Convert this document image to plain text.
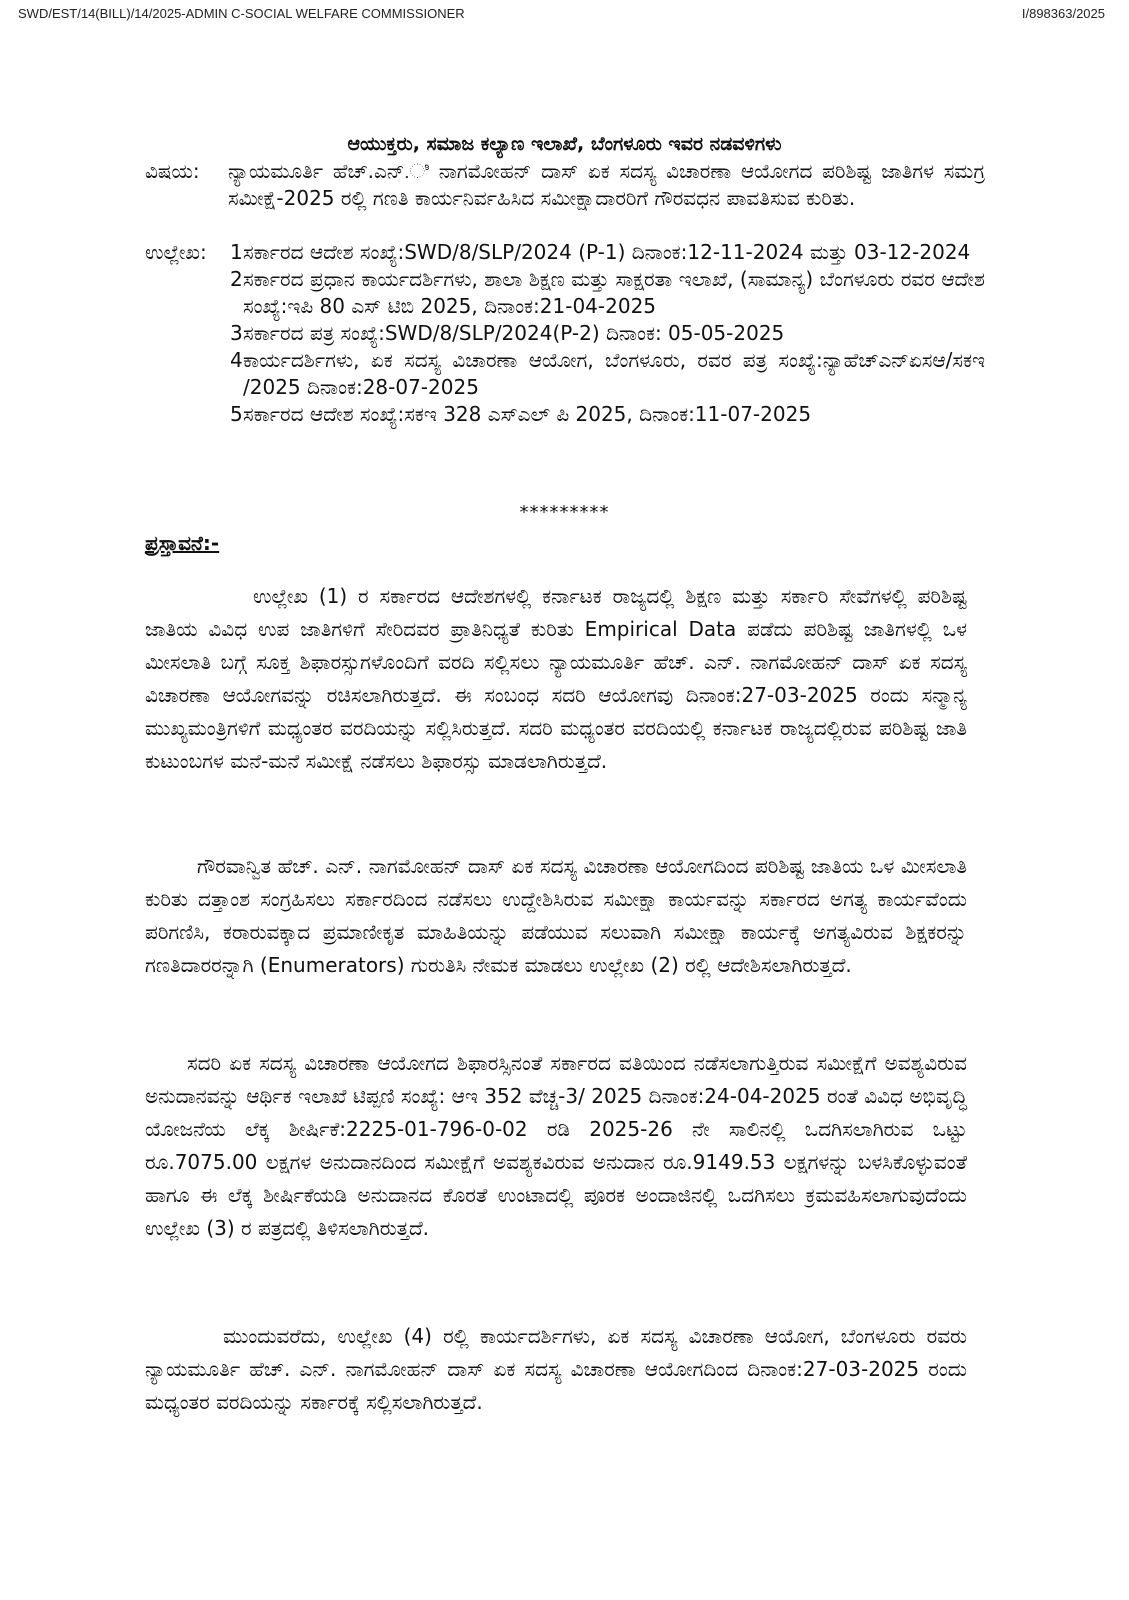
SWD/EST/14(BILL)/14/2025-ADMIN C-SOCIAL WELFARE COMMISSIONER	I/898363/2025
ಆಯುಕ್ತರು, ಸಮಾಜ ಕಲ್ಯಾಣ ಇಲಾಖೆ, ಬೆಂಗಳೂರು ಇವರ ನಡವಳಿಗಳು
ವಿಷಯ: ನ್ಯಾಯಮೂರ್ತಿ ಹೆಚ್.ಎನ್.ಿ ನಾಗಮೋಹನ್ ದಾಸ್ ಏಕ ಸದಸ್ಯ ವಿಚಾರಣಾ ಆಯೋಗದ ಪರಿಶಿಷ್ಟ ಜಾತಿಗಳ ಸಮಗ್ರ ಸಮೀಕ್ಷೆ-2025 ರಲ್ಲಿ ಗಣತಿ ಕಾರ್ಯನಿರ್ವಹಿಸಿದ ಸಮೀಕ್ಷಾದಾರರಿಗೆ ಗೌರವಧನ ಪಾವತಿಸುವ ಕುರಿತು.
ಉಲ್ಲೇಖ: 1 ಸರ್ಕಾರದ ಆದೇಶ ಸಂಖ್ಯೆ:SWD/8/SLP/2024 (P-1) ದಿನಾಂಕ:12-11-2024 ಮತ್ತು 03-12-2024
2 ಸರ್ಕಾರದ ಪ್ರಧಾನ ಕಾರ್ಯದರ್ಶಿಗಳು, ಶಾಲಾ ಶಿಕ್ಷಣ ಮತ್ತು ಸಾಕ್ಷರತಾ ಇಲಾಖೆ, (ಸಾಮಾನ್ಯ) ಬೆಂಗಳೂರು ರವರ ಆದೇಶ ಸಂಖ್ಯೆ:ಇಪಿ 80 ಎಸ್ ಟಿಬಿ 2025, ದಿನಾಂಕ:21-04-2025
3 ಸರ್ಕಾರದ ಪತ್ರ ಸಂಖ್ಯೆ:SWD/8/SLP/2024(P-2) ದಿನಾಂಕ: 05-05-2025
4 ಕಾರ್ಯದರ್ಶಿಗಳು, ಏಕ ಸದಸ್ಯ ವಿಚಾರಣಾ ಆಯೋಗ, ಬೆಂಗಳೂರು, ರವರ ಪತ್ರ ಸಂಖ್ಯೆ:ನ್ಯಾಹೆಚ್ಎನ್ಏಸಆ/ಸಕಇ /2025 ದಿನಾಂಕ:28-07-2025
5 ಸರ್ಕಾರದ ಆದೇಶ ಸಂಖ್ಯೆ:ಸಕಇ 328 ಎಸ್ಎಲ್ ಪಿ 2025, ದಿನಾಂಕ:11-07-2025
*********
ಪ್ರಸ್ತಾವನೆ:-

ಉಲ್ಲೇಖ (1) ರ ಸರ್ಕಾರದ ಆದೇಶಗಳಲ್ಲಿ ಕರ್ನಾಟಕ ರಾಜ್ಯದಲ್ಲಿ ಶಿಕ್ಷಣ ಮತ್ತು ಸರ್ಕಾರಿ ಸೇವೆಗಳಲ್ಲಿ ಪರಿಶಿಷ್ಟ ಜಾತಿಯ ವಿವಿಧ ಉಪ ಜಾತಿಗಳಿಗೆ ಸೇರಿದವರ ಪ್ರಾತಿನಿಧ್ಯತೆ ಕುರಿತು Empirical Data ಪಡೆದು ಪರಿಶಿಷ್ಟ ಜಾತಿಗಳಲ್ಲಿ ಒಳ ಮೀಸಲಾತಿ ಬಗ್ಗೆ ಸೂಕ್ತ ಶಿಫಾರಸ್ಸುಗಳೊಂದಿಗೆ ವರದಿ ಸಲ್ಲಿಸಲು ನ್ಯಾಯಮೂರ್ತಿ ಹೆಚ್. ಎನ್. ನಾಗಮೋಹನ್ ದಾಸ್ ಏಕ ಸದಸ್ಯ ವಿಚಾರಣಾ ಆಯೋಗವನ್ನು ರಚಿಸಲಾಗಿರುತ್ತದೆ. ಈ ಸಂಬಂಧ ಸದರಿ ಆಯೋಗವು ದಿನಾಂಕ:27-03-2025 ರಂದು ಸನ್ಮಾನ್ಯ ಮುಖ್ಯಮಂತ್ರಿಗಳಿಗೆ ಮಧ್ಯಂತರ ವರದಿಯನ್ನು ಸಲ್ಲಿಸಿರುತ್ತದೆ. ಸದರಿ ಮಧ್ಯಂತರ ವರದಿಯಲ್ಲಿ ಕರ್ನಾಟಕ ರಾಜ್ಯದಲ್ಲಿರುವ ಪರಿಶಿಷ್ಟ ಜಾತಿ ಕುಟುಂಬಗಳ ಮನೆ-ಮನೆ ಸಮೀಕ್ಷೆ ನಡೆಸಲು ಶಿಫಾರಸ್ಸು ಮಾಡಲಾಗಿರುತ್ತದೆ.

ಗೌರವಾನ್ವಿತ ಹೆಚ್. ಎನ್. ನಾಗಮೋಹನ್ ದಾಸ್ ಏಕ ಸದಸ್ಯ ವಿಚಾರಣಾ ಆಯೋಗದಿಂದ ಪರಿಶಿಷ್ಟ ಜಾತಿಯ ಒಳ ಮೀಸಲಾತಿ ಕುರಿತು ದತ್ತಾಂಶ ಸಂಗ್ರಹಿಸಲು ಸರ್ಕಾರದಿಂದ ನಡೆಸಲು ಉದ್ದೇಶಿಸಿರುವ ಸಮೀಕ್ಷಾ ಕಾರ್ಯವನ್ನು ಸರ್ಕಾರದ ಅಗತ್ಯ ಕಾರ್ಯವೆಂದು ಪರಿಗಣಿಸಿ, ಕರಾರುವಕ್ಕಾದ ಪ್ರಮಾಣೀಕೃತ ಮಾಹಿತಿಯನ್ನು ಪಡೆಯುವ ಸಲುವಾಗಿ ಸಮೀಕ್ಷಾ ಕಾರ್ಯಕ್ಕೆ ಅಗತ್ಯವಿರುವ ಶಿಕ್ಷಕರನ್ನು ಗಣತಿದಾರರನ್ನಾಗಿ (Enumerators) ಗುರುತಿಸಿ ನೇಮಕ ಮಾಡಲು ಉಲ್ಲೇಖ (2) ರಲ್ಲಿ ಆದೇಶಿಸಲಾಗಿರುತ್ತದೆ.

ಸದರಿ ಏಕ ಸದಸ್ಯ ವಿಚಾರಣಾ ಆಯೋಗದ ಶಿಫಾರಸ್ಸಿನಂತೆ ಸರ್ಕಾರದ ವತಿಯಿಂದ ನಡೆಸಲಾಗುತ್ತಿರುವ ಸಮೀಕ್ಷೆಗೆ ಅವಶ್ಯವಿರುವ ಅನುದಾನವನ್ನು ಆರ್ಥಿಕ ಇಲಾಖೆ ಟಿಪ್ಪಣಿ ಸಂಖ್ಯೆ: ಆಇ 352 ವೆಚ್ಚ-3/ 2025 ದಿನಾಂಕ:24-04-2025 ರಂತೆ ವಿವಿಧ ಅಭಿವೃದ್ಧಿ ಯೋಜನೆಯ ಲೆಕ್ಕ ಶೀರ್ಷಿಕೆ:2225-01-796-0-02 ರಡಿ 2025-26 ನೇ ಸಾಲಿನಲ್ಲಿ ಒದಗಿಸಲಾಗಿರುವ ಒಟ್ಟು ರೂ.7075.00 ಲಕ್ಷಗಳ ಅನುದಾನದಿಂದ ಸಮೀಕ್ಷೆಗೆ ಅವಶ್ಯಕವಿರುವ ಅನುದಾನ ರೂ.9149.53 ಲಕ್ಷಗಳನ್ನು ಬಳಸಿಕೊಳ್ಳುವಂತೆ ಹಾಗೂ ಈ ಲೆಕ್ಕ ಶೀರ್ಷಿಕೆಯಡಿ ಅನುದಾನದ ಕೊರತೆ ಉಂಟಾದಲ್ಲಿ ಪೂರಕ ಅಂದಾಜಿನಲ್ಲಿ ಒದಗಿಸಲು ಕ್ರಮವಹಿಸಲಾಗುವುದೆಂದು ಉಲ್ಲೇಖ (3) ರ ಪತ್ರದಲ್ಲಿ ತಿಳಿಸಲಾಗಿರುತ್ತದೆ.

ಮುಂದುವರೆದು, ಉಲ್ಲೇಖ (4) ರಲ್ಲಿ ಕಾರ್ಯದರ್ಶಿಗಳು, ಏಕ ಸದಸ್ಯ ವಿಚಾರಣಾ ಆಯೋಗ, ಬೆಂಗಳೂರು ರವರು ನ್ಯಾಯಮೂರ್ತಿ ಹೆಚ್. ಎನ್. ನಾಗಮೋಹನ್ ದಾಸ್ ಏಕ ಸದಸ್ಯ ವಿಚಾರಣಾ ಆಯೋಗದಿಂದ ದಿನಾಂಕ:27-03-2025 ರಂದು ಮಧ್ಯಂತರ ವರದಿಯನ್ನು ಸರ್ಕಾರಕ್ಕೆ ಸಲ್ಲಿಸಲಾಗಿರುತ್ತದೆ.
